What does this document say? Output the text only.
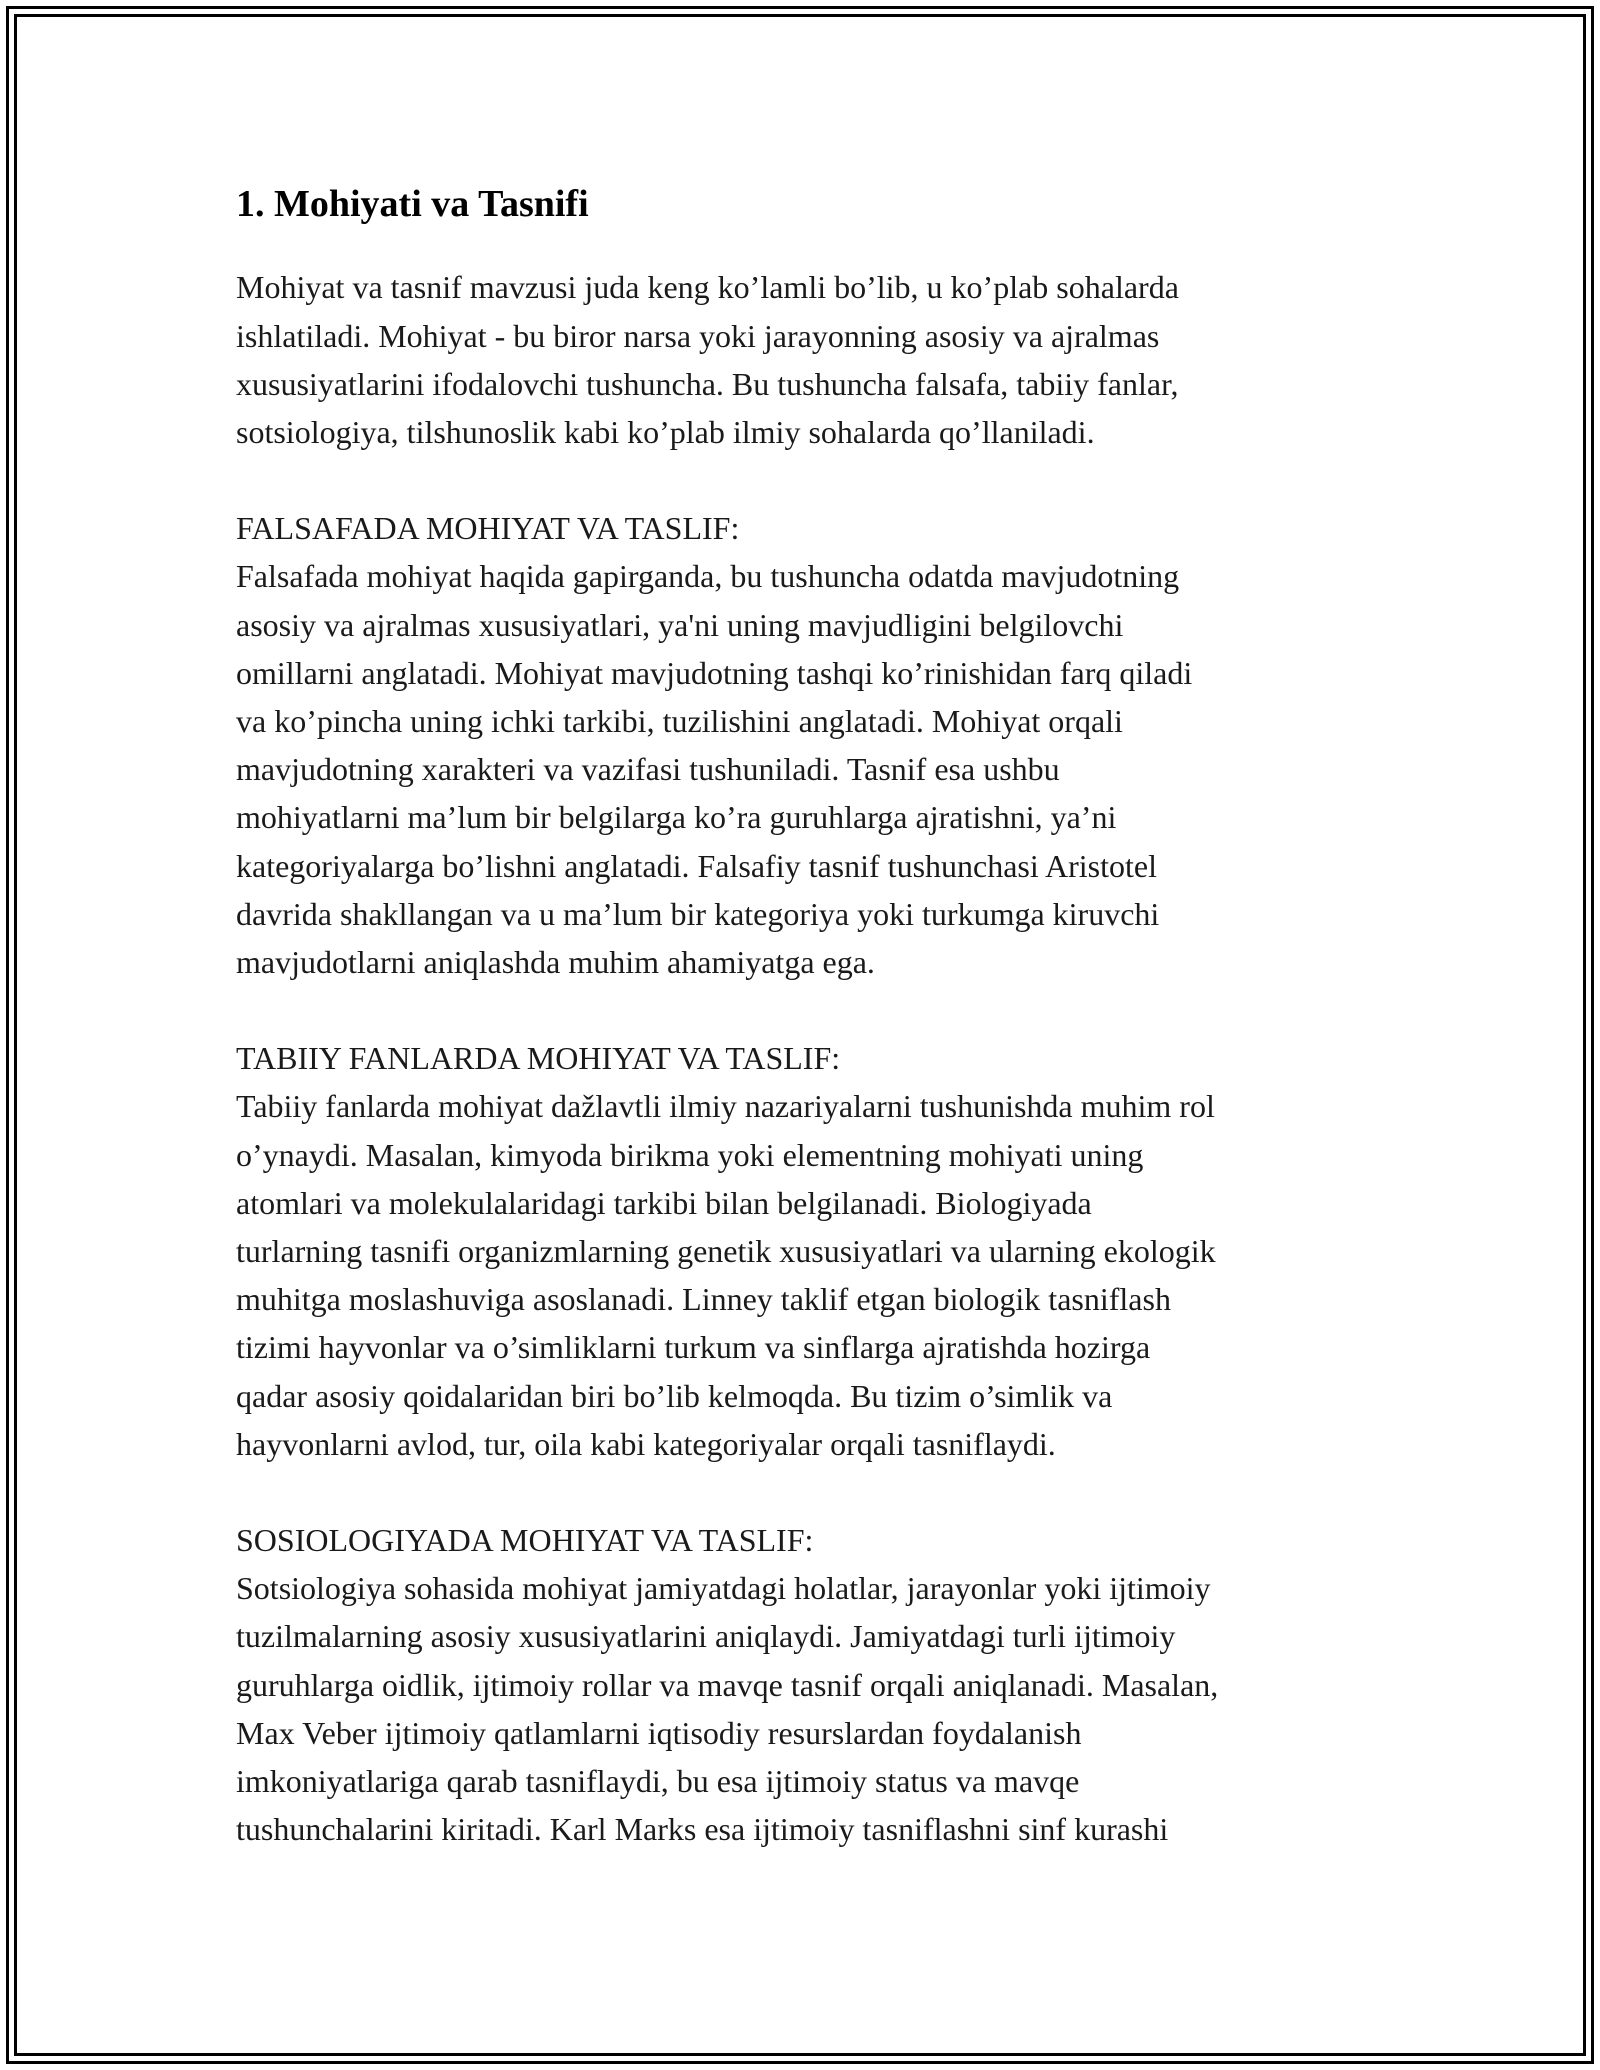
1. Mohiyati va Tasnifi

Mohiyat va tasnif mavzusi juda keng ko’lamli bo’lib, u ko’plab sohalarda
ishlatiladi. Mohiyat - bu biror narsa yoki jarayonning asosiy va ajralmas
xususiyatlarini ifodalovchi tushuncha. Bu tushuncha falsafa, tabiiy fanlar,
sotsiologiya, tilshunoslik kabi ko’plab ilmiy sohalarda qo’llaniladi.

FALSAFADA MOHIYAT VA TASLIF:

Falsafada mohiyat haqida gapirganda, bu tushuncha odatda mavjudotning
asosiy va ajralmas xususiyatlari, ya'ni uning mavjudligini belgilovchi
omillarni anglatadi. Mohiyat mavjudotning tashqi ko’rinishidan farq qiladi
va ko’pincha uning ichki tarkibi, tuzilishini anglatadi. Mohiyat orqali
mavjudotning xarakteri va vazifasi tushuniladi. Tasnif esa ushbu
mohiyatlarni ma’lum bir belgilarga ko’ra guruhlarga ajratishni, ya’ni
kategoriyalarga bo’lishni anglatadi. Falsafiy tasnif tushunchasi Aristotel
davrida shakllangan va u ma’lum bir kategoriya yoki turkumga kiruvchi
mavjudotlarni aniqlashda muhim ahamiyatga ega.

TABIIY FANLARDA MOHIYAT VA TASLIF:

Tabiiy fanlarda mohiyat dažlavtli ilmiy nazariyalarni tushunishda muhim rol
o’ynaydi. Masalan, kimyoda birikma yoki elementning mohiyati uning
atomlari va molekulalaridagi tarkibi bilan belgilanadi. Biologiyada
turlarning tasnifi organizmlarning genetik xususiyatlari va ularning ekologik
muhitga moslashuviga asoslanadi. Linney taklif etgan biologik tasniflash
tizimi hayvonlar va o’simliklarni turkum va sinflarga ajratishda hozirga
qadar asosiy qoidalaridan biri bo’lib kelmoqda. Bu tizim o’simlik va
hayvonlarni avlod, tur, oila kabi kategoriyalar orqali tasniflaydi.

SOSIOLOGIYADA MOHIYAT VA TASLIF:

Sotsiologiya sohasida mohiyat jamiyatdagi holatlar, jarayonlar yoki ijtimoiy
tuzilmalarning asosiy xususiyatlarini aniqlaydi. Jamiyatdagi turli ijtimoiy
guruhlarga oidlik, ijtimoiy rollar va mavqe tasnif orqali aniqlanadi. Masalan,
Max Veber ijtimoiy qatlamlarni iqtisodiy resurslardan foydalanish
imkoniyatlariga qarab tasniflaydi, bu esa ijtimoiy status va mavqe
tushunchalarini kiritadi. Karl Marks esa ijtimoiy tasniflashni sinf kurashi
